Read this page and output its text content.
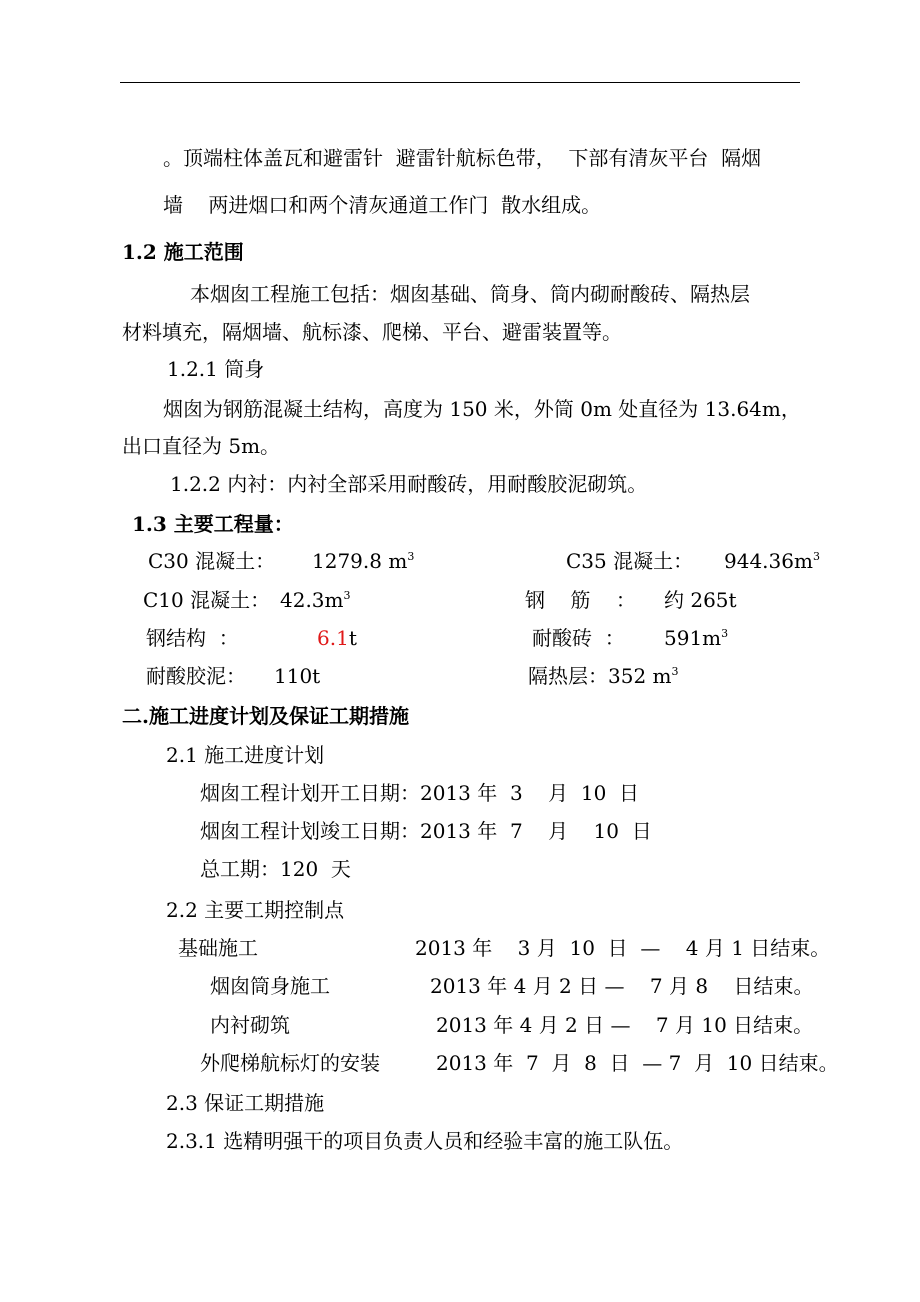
。顶端柱体盖瓦和避雷针  避雷针航标色带，  下部有清灰平台  隔烟
墙    两进烟口和两个清灰通道工作门  散水组成。
1.2 施工范围
本烟囱工程施工包括：烟囱基础、筒身、筒内砌耐酸砖、隔热层
材料填充，隔烟墙、航标漆、爬梯、平台、避雷装置等。
1.2.1 筒身
烟囱为钢筋混凝土结构，高度为 150 米，外筒 0m 处直径为 13.64m，
出口直径为 5m。
1.2.2 内衬：内衬全部采用耐酸砖，用耐酸胶泥砌筑。
1.3 主要工程量：
C30 混凝土： 1279.8 $m^3$	C35 混凝土： $944.36m^3$
C10 混凝土： $42.3m^3$	钢    筋    ： 约 265t
钢结构  ：	6.1t	耐酸砖  ： $591m^3$
耐酸胶泥： 110t	隔热层：352 $m^3$
二.施工进度计划及保证工期措施
2.1 施工进度计划
烟囱工程计划开工日期：2013 年  3    月  10  日
烟囱工程计划竣工日期：2013 年  7    月    10  日
总工期：120  天
2.2 主要工期控制点
基础施工	2013 年    3 月  10  日  —    4 月 1 日结束。
烟囱筒身施工	2013 年 4 月 2 日 —    7 月 8    日结束。
内衬砌筑	2013 年 4 月 2 日 —    7 月 10 日结束。
外爬梯航标灯的安装	2013 年  7  月  8  日  — 7  月  10 日结束。
2.3 保证工期措施
2.3.1 选精明强干的项目负责人员和经验丰富的施工队伍。
